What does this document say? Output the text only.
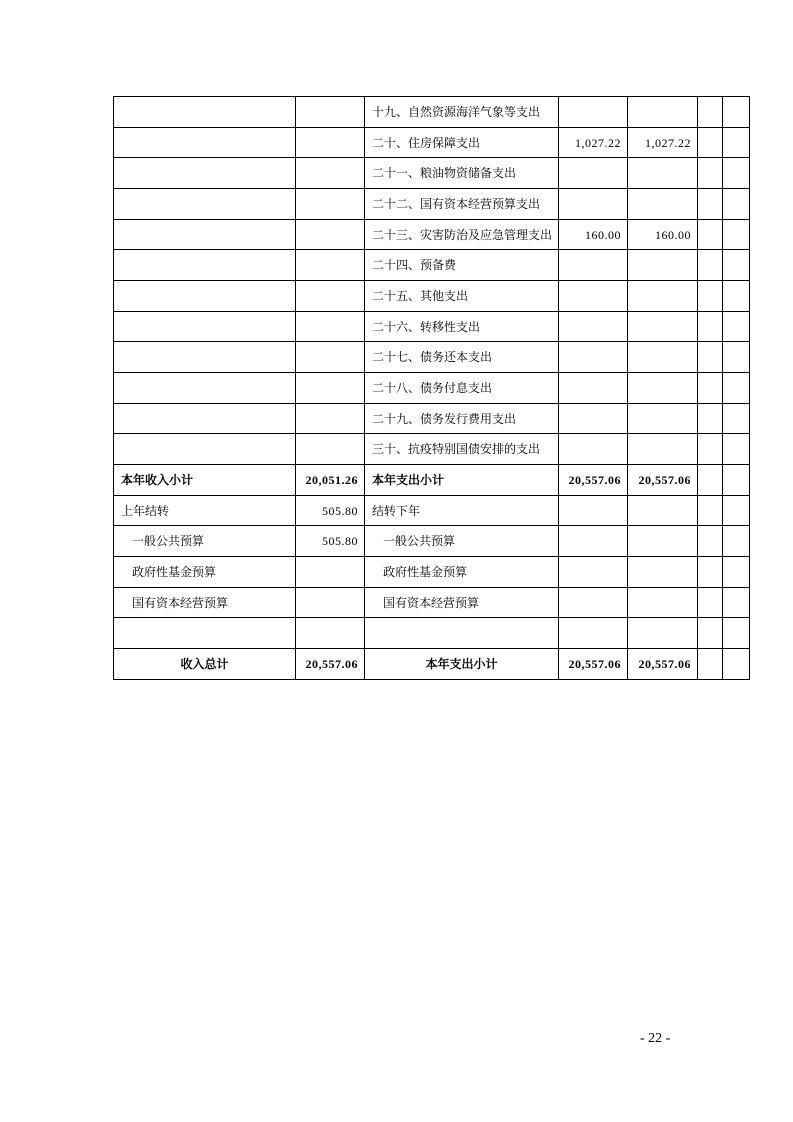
		十九、自然资源海洋气象等支出				
		二十、住房保障支出	1,027.22	1,027.22		
		二十一、粮油物资储备支出				
		二十二、国有资本经营预算支出				
		二十三、灾害防治及应急管理支出	160.00	160.00		
		二十四、预备费				
		二十五、其他支出				
		二十六、转移性支出				
		二十七、债务还本支出				
		二十八、债务付息支出				
		二十九、债务发行费用支出				
		三十、抗疫特别国债安排的支出				
本年收入小计	20,051.26	本年支出小计	20,557.06	20,557.06		
上年结转	505.80	结转下年				
一般公共预算	505.80	一般公共预算				
政府性基金预算		政府性基金预算				
国有资本经营预算		国有资本经营预算				

收入总计	20,557.06	本年支出小计	20,557.06	20,557.06		
- 22 -
